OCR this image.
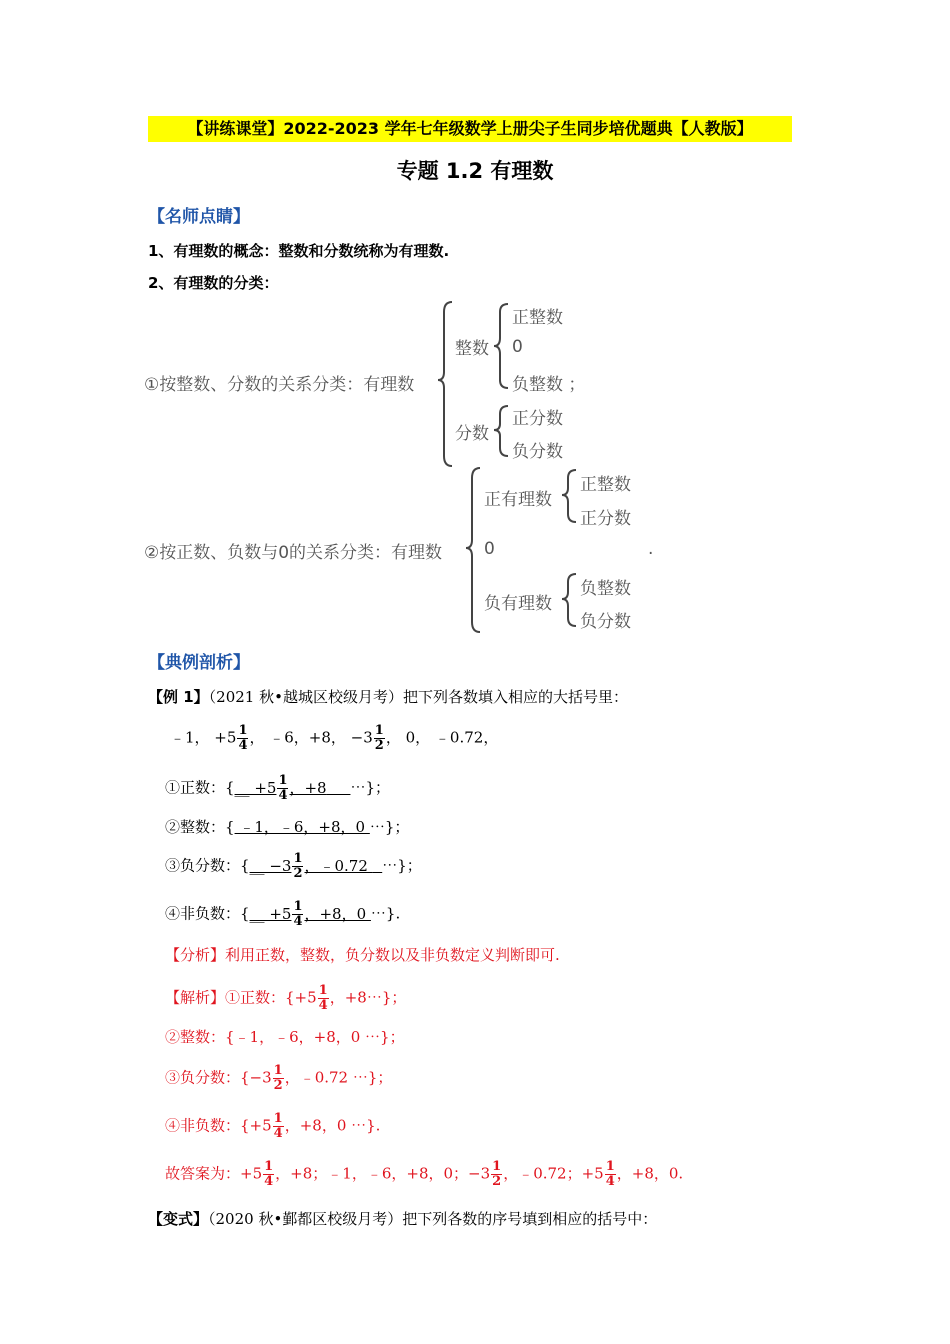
【讲练课堂】2022-2023 学年七年级数学上册尖子生同步培优题典【人教版】
专题 1.2 有理数
【名师点睛】
1、有理数的概念：整数和分数统称为有理数.
2、有理数的分类：
①按整数、分数的关系分类：有理数
整数
正整数
0
负整数 ；
分数
正分数
负分数
②按正数、负数与0的关系分类：有理数
正有理数
正整数
正分数
0	.
负有理数
负整数
负分数
【典例剖析】
【例 1】（2021 秋•越城区校级月考）把下列各数填入相应的大括号里：
﹣1， $+5 \frac{1}{4}$ ， ﹣6，+8， $-3 \frac{1}{2}$ ， 0， ﹣0.72，
①正数：{__ $+5 \frac{1}{4}$ ，+8 ⋯}；
②整数：{ ﹣1，﹣6，+8，0 ⋯}；
③负分数：{__ $-3 \frac{1}{2}$ ，﹣0.72   ⋯}；
④非负数：{__ $+5 \frac{1}{4}$ ，+8，0 ⋯}.
【分析】利用正数，整数，负分数以及非负数定义判断即可.
【解析】①正数：{$+5 \frac{1}{4}$ ，+8⋯}；
②整数：{﹣1，﹣6，+8，0 ⋯}；
③负分数：{$-3 \frac{1}{2}$ ，﹣0.72 ⋯}；
④非负数：{$+5 \frac{1}{4}$ ，+8，0 ⋯}.
故答案为：$+5 \frac{1}{4}$ ，+8；﹣1，﹣6，+8，0；$-3 \frac{1}{2}$ ，﹣0.72；$+5 \frac{1}{4}$ ，+8，0.
【变式】（2020 秋•鄞都区校级月考）把下列各数的序号填到相应的括号中：
